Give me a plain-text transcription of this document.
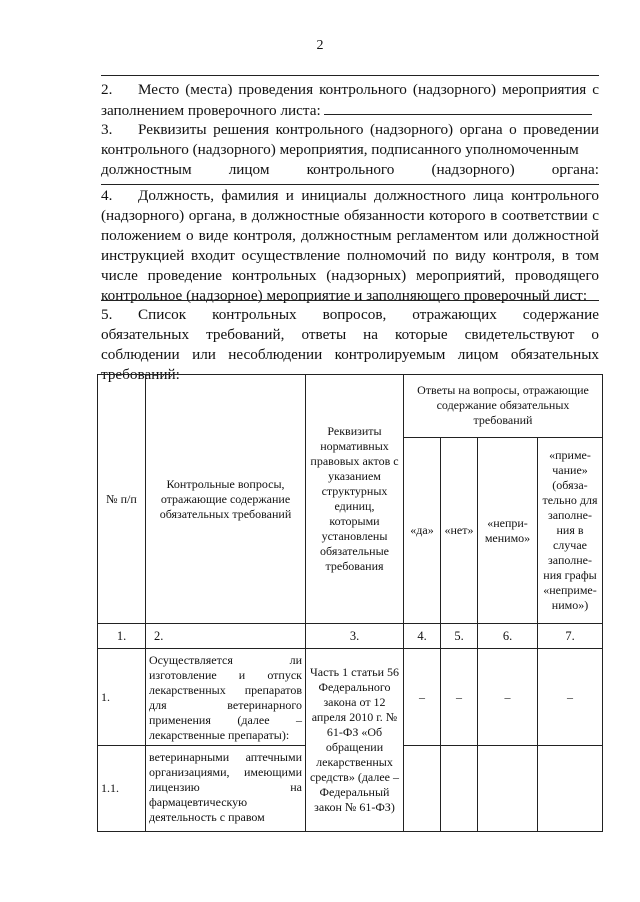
2
2. Место (места) проведения контрольного (надзорного) мероприятия с заполнением проверочного листа:
3. Реквизиты решения контрольного (надзорного) органа о проведении контрольного (надзорного) мероприятия, подписанного уполномоченным
должностным лицом контрольного (надзорного) органа:
4. Должность, фамилия и инициалы должностного лица контрольного (надзорного) органа, в должностные обязанности которого в соответствии с положением о виде контроля, должностным регламентом или должностной инструкцией входит осуществление полномочий по виду контроля, в том числе проведение контрольных (надзорных) мероприятий, проводящего контрольное (надзорное) мероприятие и заполняющего проверочный лист:
5. Список контрольных вопросов, отражающих содержание обязательных требований, ответы на которые свидетельствуют о соблюдении или несоблюдении контролируемым лицом обязательных требований:
№ п/п	Контрольные вопросы, отражающие содержание обязательных требований	Реквизиты нормативных правовых актов с указанием структурных единиц, которыми установлены обязательные требования	Ответы на вопросы, отражающие содержание обязательных требований			
			«да»	«нет»	«непри-менимо»	«приме-чание» (обяза-тельно для заполне-ния в случае заполне-ния графы «неприме-нимо»)
1.	2.	3.	4.	5.	6.	7.
1.	Осуществляется ли изготовление и отпуск лекарственных препаратов для ветеринарного применения (далее – лекарственные препараты):	Часть 1 статьи 56 Федерального закона от 12 апреля 2010 г. № 61-ФЗ «Об обращении лекарственных средств» (далее – Федеральный закон № 61-ФЗ)	–	–	–	–
1.1.	ветеринарными аптечными организациями, имеющими лицензию на фармацевтическую деятельность с правом					
